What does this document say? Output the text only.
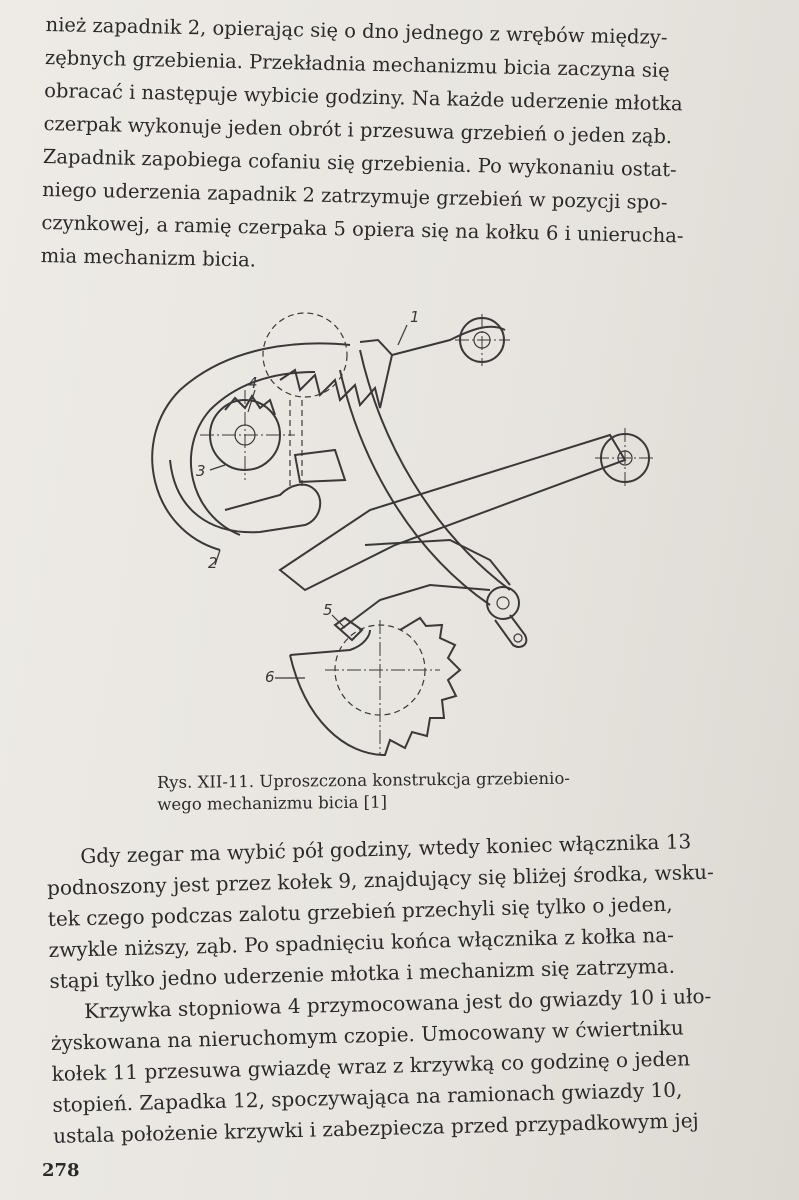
nież zapadnik 2, opierając się o dno jednego z wrębów między-
zębnych grzebienia. Przekładnia mechanizmu bicia zaczyna się
obracać i następuje wybicie godziny. Na każde uderzenie młotka
czerpak wykonuje jeden obrót i przesuwa grzebień o jeden ząb.
Zapadnik zapobiega cofaniu się grzebienia. Po wykonaniu ostat-
niego uderzenia zapadnik 2 zatrzymuje grzebień w pozycji spo-
czynkowej, a ramię czerpaka 5 opiera się na kołku 6 i unierucha-
mia mechanizm bicia.

1
2
3
4
5
6
Rys. XII-11. Uproszczona konstrukcja grzebienio-
wego mechanizmu bicia [1]

Gdy zegar ma wybić pół godziny, wtedy koniec włącznika 13
podnoszony jest przez kołek 9, znajdujący się bliżej środka, wsku-
tek czego podczas zalotu grzebień przechyli się tylko o jeden,
zwykle niższy, ząb. Po spadnięciu końca włącznika z kołka na-
stąpi tylko jedno uderzenie młotka i mechanizm się zatrzyma.
Krzywka stopniowa 4 przymocowana jest do gwiazdy 10 i uło-
żyskowana na nieruchomym czopie. Umocowany w ćwiertniku
kołek 11 przesuwa gwiazdę wraz z krzywką co godzinę o jeden
stopień. Zapadka 12, spoczywająca na ramionach gwiazdy 10,
ustala położenie krzywki i zabezpiecza przed przypadkowym jej

278
